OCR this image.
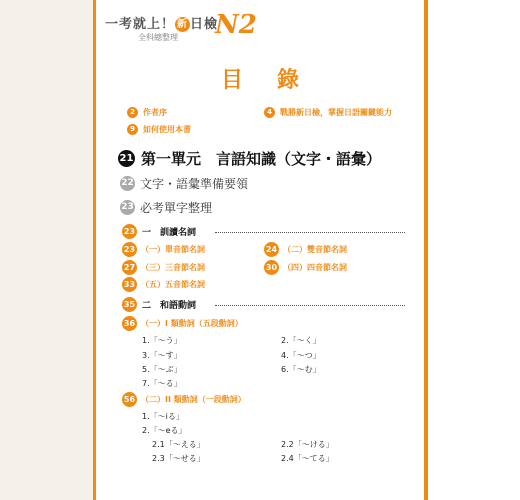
一考就上！ 新 日檢
全科總整理 N2
目錄
2	作者序	4	戰勝新日檢，掌握日語關鍵能力
9	如何使用本書
21 第一單元　言語知識（文字・語彙）
22 文字・語彙準備要領
23 必考單字整理
23 一　訓讀名詞
23 （一）單音節名詞	24 （二）雙音節名詞
27 （三）三音節名詞	30 （四）四音節名詞
33 （五）五音節名詞
35 二　和語動詞
36 （一）I 類動詞（五段動詞）
1.「～う」	2.「～く」
3.「～す」	4.「～つ」
5.「～ぶ」	6.「～む」
7.「～る」
56 （二）II 類動詞（一段動詞）
1.「～iる」
2.「～eる」
2.1「～える」	2.2「～ける」
2.3「～せる」	2.4「～てる」
